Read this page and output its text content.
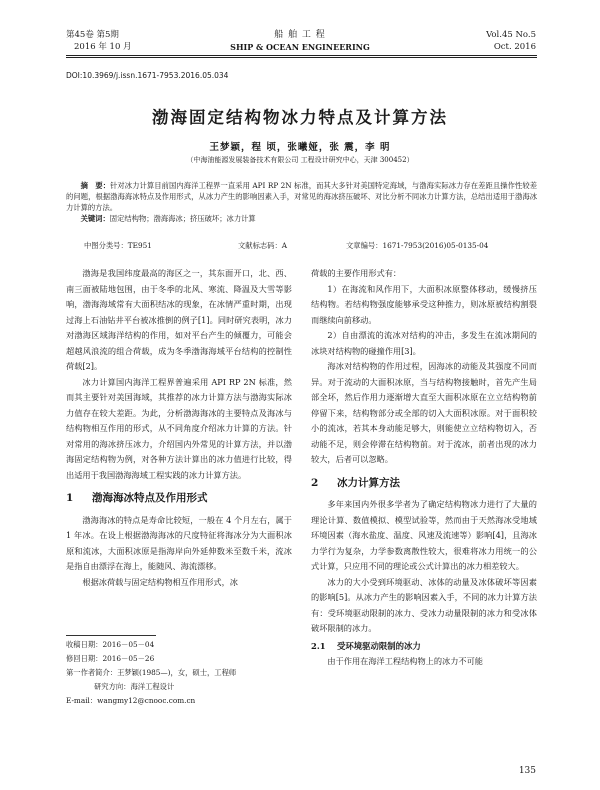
第45卷 第5期
2016 年 10 月
船 舶 工 程
SHIP & OCEAN ENGINEERING
Vol.45 No.5
Oct. 2016
DOI:10.3969/j.issn.1671-7953.2016.05.034
渤海固定结构物冰力特点及计算方法
王梦颖，程 顷，张曦娅，张 震，李 明
（中海油能源发展装备技术有限公司 工程设计研究中心，天津 300452）
摘　要：针对冰力计算目前国内海洋工程界一直采用 API RP 2N 标准，而其大多针对美国特定海域，与渤海实际冰力存在差距且操作性较差的问题，根据渤海海冰特点及作用形式，从冰力产生的影响因素入手，对常见的海冰挤压破坏、对比分析不同冰力计算方法，总结出适用于渤海冰力计算的方法。
关键词：固定结构物；渤海海冰；挤压破坏；冰力计算
中图分类号：TE951	文献标志码：A	文章编号：1671-7953(2016)05-0135-04

渤海是我国纬度最高的海区之一，其东面开口，北、西、南三面被陆地包围，由于冬季的北风、寒流、降温及大雪等影响，渤海海域常有大面积结冰的现象，在冰情严重时期，出现过海上石油钻井平台被冰推倒的例子[1]。同时研究表明，冰力对渤海区域海洋结构的作用，如对平台产生的倾覆力，可能会超越风浪流的组合荷载，成为冬季渤海海域平台结构的控制性荷载[2]。

冰力计算国内海洋工程界普遍采用 API RP 2N 标准，然而其主要针对美国海域，其推荐的冰力计算方法与渤海实际冰力值存在较大差距。为此，分析渤海海冰的主要特点及海冰与结构物相互作用的形式，从不同角度介绍冰力计算的方法。针对常用的海冰挤压冰力，介绍国内外常见的计算方法，并以渤海固定结构物为例，对各种方法计算出的冰力值进行比较，得出适用于我国渤海海域工程实践的冰力计算方法。

1 渤海海冰特点及作用形式

渤海海冰的特点是寿命比较短，一般在 4 个月左右，属于 1 年冰。在设上根据渤海海冰的尺度特征将海冰分为大面积冰原和流冰，大面积冰原是指海岸向外延伸数米至数千米，流冰是指自由漂浮在海上，能随风、海流漂移。

根据冰荷载与固定结构物相互作用形式，冰

收稿日期：2016－05－04
修回日期：2016－05－26
第一作者简介：王梦颖(1985—)，女，硕士，工程师
研究方向：海洋工程设计
E-mail：wangmy12@cnooc.com.cn

荷载的主要作用形式有：

1）在海流和风作用下，大面积冰原整体移动，缓慢挤压结构物。若结构物强度能够承受这种推力，则冰原被结构割裂而继续向前移动。

2）自由漂流的流冰对结构的冲击，多发生在流冰期间的冰块对结构物的碰撞作用[3]。

海冰对结构物的作用过程，因海冰的动能及其强度不同而异。对于流动的大面积冰原，当与结构物接触时，首先产生局部全坏，然后作用力逐渐增大直至大面积冰原在立立结构物前停留下来，结构物部分或全部的切入大面积冰原。对于面积较小的流冰，若其本身动能足够大，则能使立立结构物切入，否动能不足，则会停滞在结构物前。对于流冰，前者出现的冰力较大，后者可以忽略。

2 冰力计算方法

多年来国内外很多学者为了确定结构物冰力进行了大量的理论计算、数值模拟、模型试验等，然而由于天然海冰受地域环境因素（海水盐度、温度、风速及流速等）影响[4]，且海冰力学行为复杂，力学参数离散性较大，很难将冰力用统一的公式计算，只应用不同的理论或公式计算出的冰力相差较大。

冰力的大小受到环境驱动、冰体的动量及冰体破坏等因素的影响[5]。从冰力产生的影响因素入手，不同的冰力计算方法有：受环境驱动限制的冰力、受冰力动量限制的冰力和受冰体破坏限制的冰力。

2.1 受环境驱动限制的冰力

由于作用在海洋工程结构物上的冰力不可能

135
